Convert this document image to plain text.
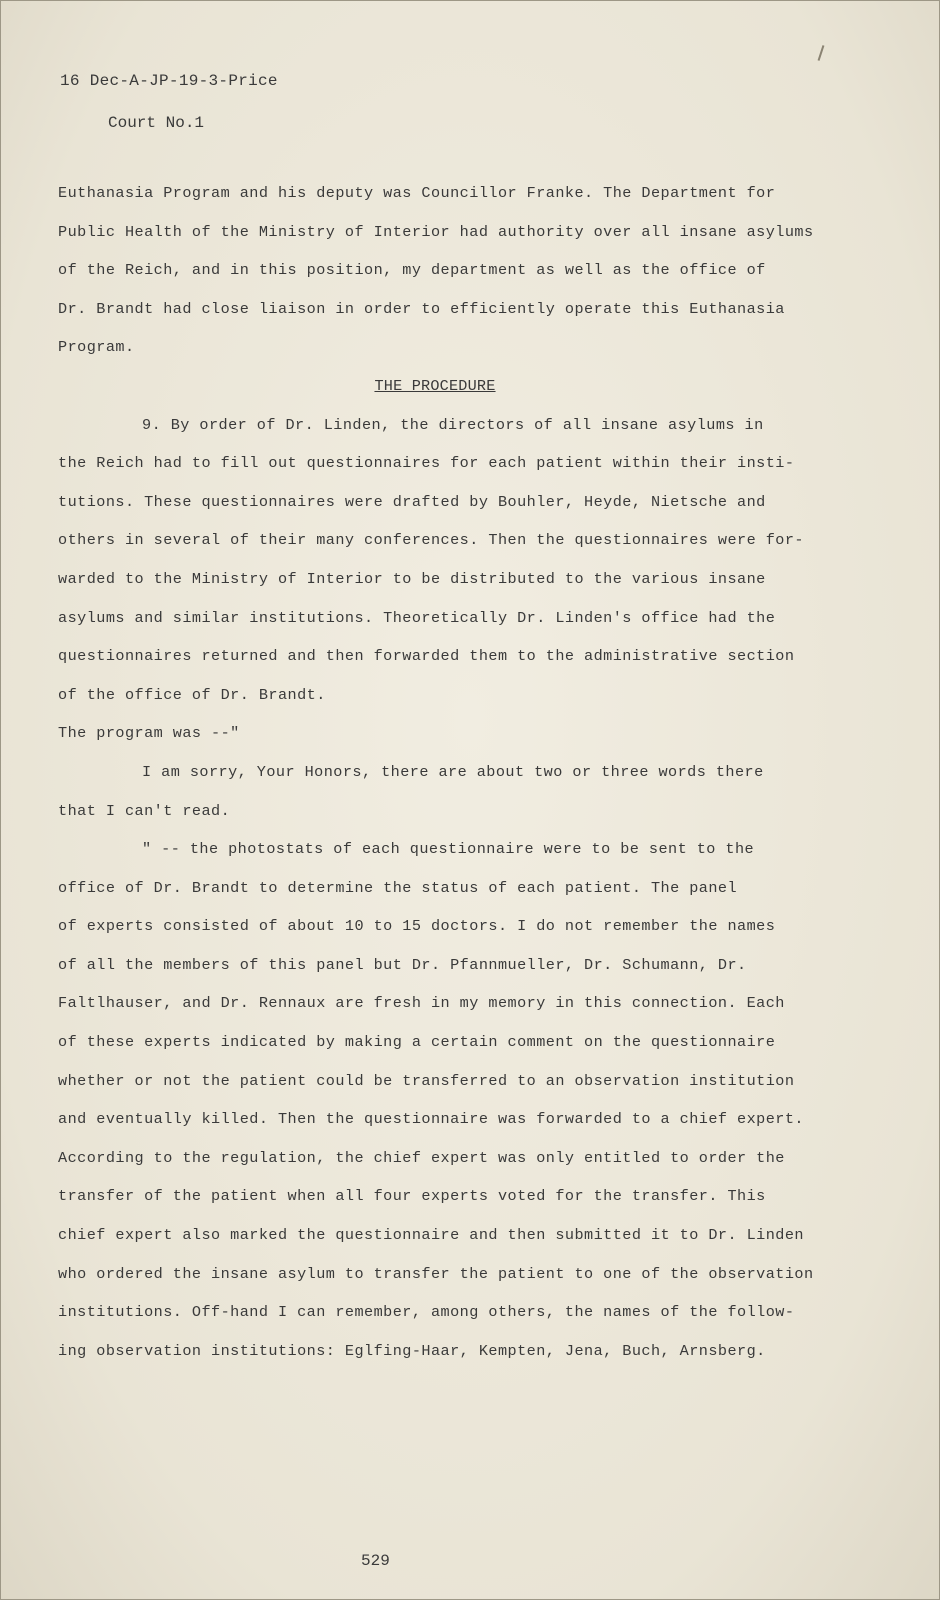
16 Dec-A-JP-19-3-Price
Court No.1
Euthanasia Program and his deputy was Councillor Franke. The Department for
Public Health of the Ministry of Interior had authority over all insane asylums
of the Reich, and in this position, my department as well as the office of
Dr. Brandt had close liaison in order to efficiently operate this Euthanasia
Program.
THE PROCEDURE
9. By order of Dr. Linden, the directors of all insane asylums in
the Reich had to fill out questionnaires for each patient within their insti-
tutions. These questionnaires were drafted by Bouhler, Heyde, Nietsche and
others in several of their many conferences. Then the questionnaires were for-
warded to the Ministry of Interior to be distributed to the various insane
asylums and similar institutions. Theoretically Dr. Linden's office had the
questionnaires returned and then forwarded them to the administrative section
of the office of Dr. Brandt.
The program was --"
I am sorry, Your Honors, there are about two or three words there
that I can't read.
" -- the photostats of each questionnaire were to be sent to the
office of Dr. Brandt to determine the status of each patient. The panel
of experts consisted of about 10 to 15 doctors. I do not remember the names
of all the members of this panel but Dr. Pfannmueller, Dr. Schumann, Dr.
Faltlhauser, and Dr. Rennaux are fresh in my memory in this connection. Each
of these experts indicated by making a certain comment on the questionnaire
whether or not the patient could be transferred to an observation institution
and eventually killed. Then the questionnaire was forwarded to a chief expert.
According to the regulation, the chief expert was only entitled to order the
transfer of the patient when all four experts voted for the transfer. This
chief expert also marked the questionnaire and then submitted it to Dr. Linden
who ordered the insane asylum to transfer the patient to one of the observation
institutions. Off-hand I can remember, among others, the names of the follow-
ing observation institutions: Eglfing-Haar, Kempten, Jena, Buch, Arnsberg.
529
